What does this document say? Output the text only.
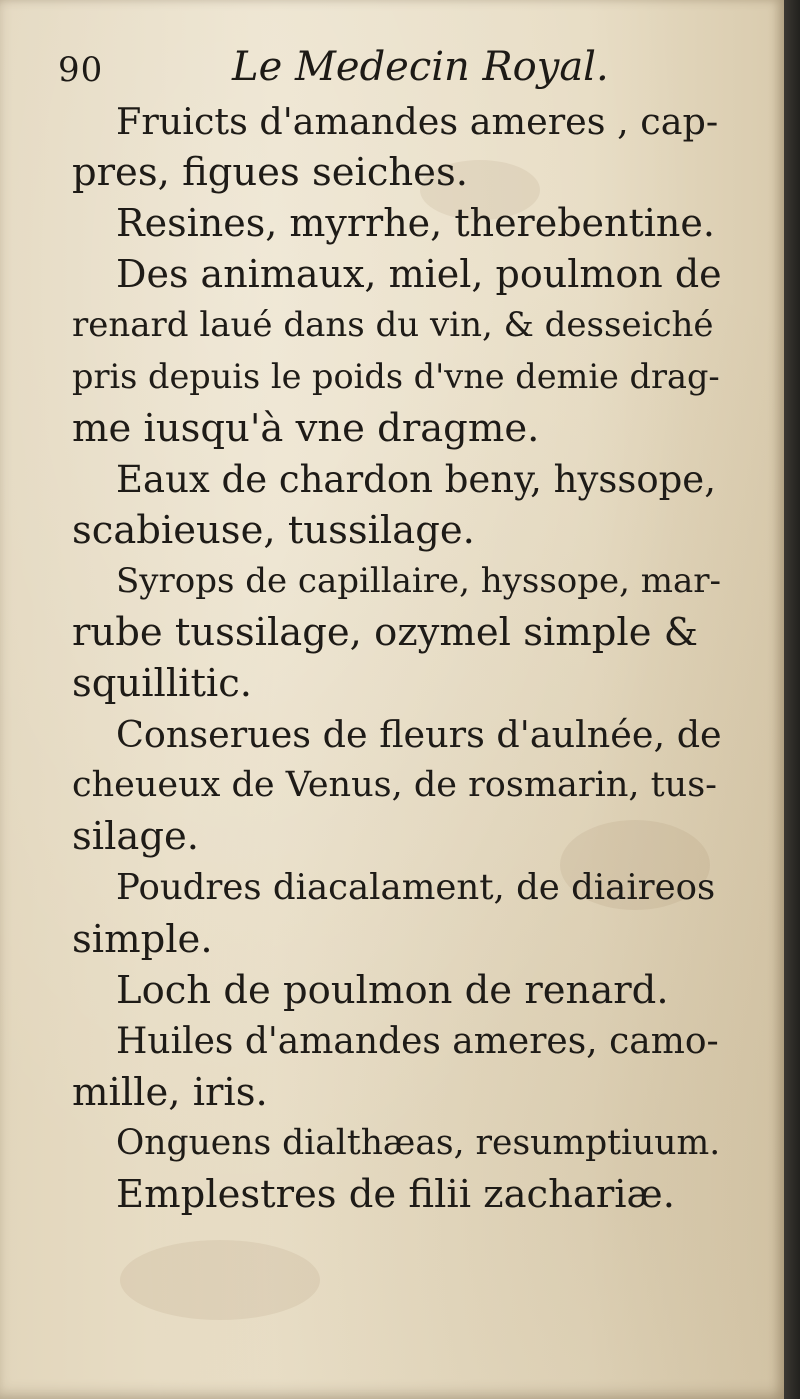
90	Le Medecin Royal.
Fruicts d'amandes ameres , cap-
pres, figues seiches.
Resines, myrrhe, therebentine.
Des animaux, miel, poulmon de
renard laué dans du vin, & desseiché
pris depuis le poids d'vne demie drag-
me iusqu'à vne dragme.
Eaux de chardon beny, hyssope,
scabieuse, tussilage.
Syrops de capillaire, hyssope, mar-
rube tussilage, ozymel simple &
squillitic.
Conserues de fleurs d'aulnée, de
cheueux de Venus, de rosmarin, tus-
silage.
Poudres diacalament, de diaireos
simple.
Loch de poulmon de renard.
Huiles d'amandes ameres, camo-
mille, iris.
Onguens dialthæas, resumptiuum.
Emplestres de filii zachariæ.
